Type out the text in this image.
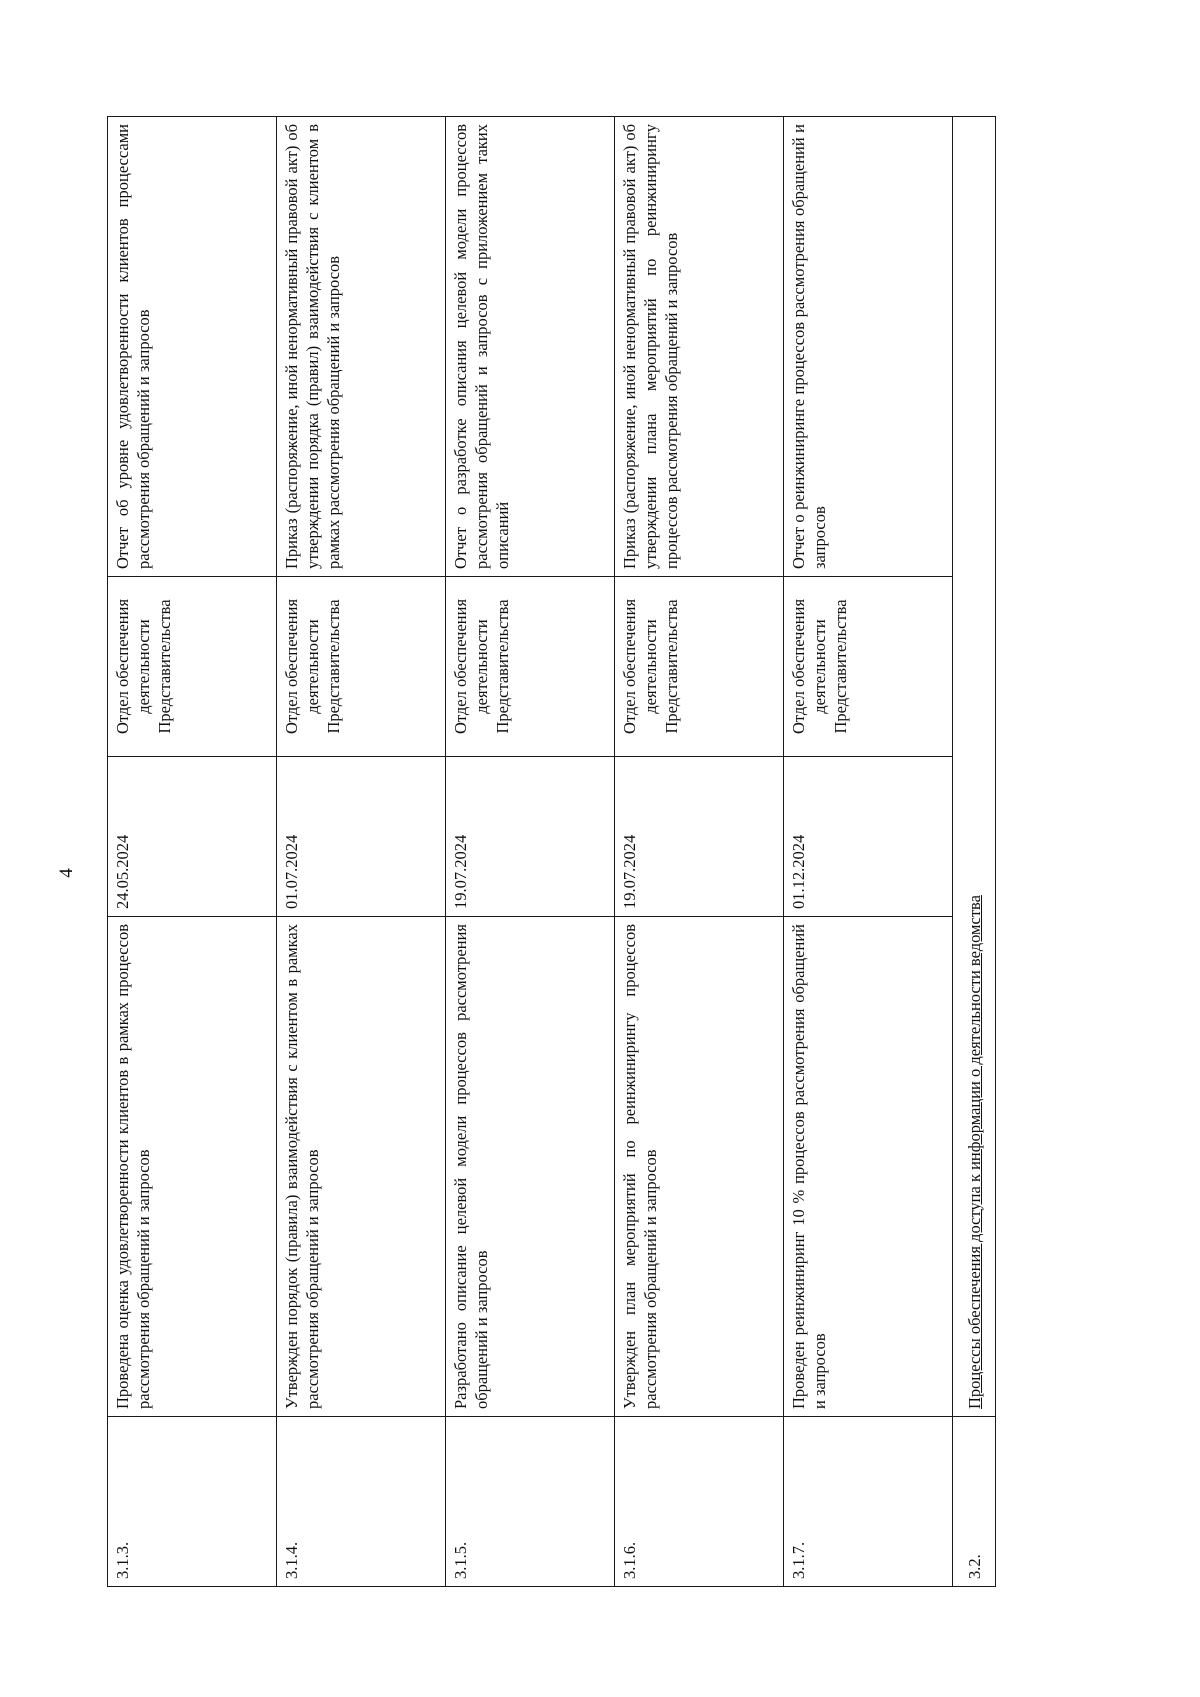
4
3.1.3.	Проведена оценка удовлетворенности клиентов в рамках процессов рассмотрения обращений и запросов	24.05.2024	Отдел обеспечения деятельности Представительства	Отчет об уровне удовлетворенности клиентов процессами рассмотрения обращений и запросов
3.1.4.	Утвержден порядок (правила) взаимодействия с клиентом в рамках рассмотрения обращений и запросов	01.07.2024	Отдел обеспечения деятельности Представительства	Приказ (распоряжение, иной ненормативный правовой акт) об утверждении порядка (правил) взаимодействия с клиентом в рамках рассмотрения обращений и запросов
3.1.5.	Разработано описание целевой модели процессов рассмотрения обращений и запросов	19.07.2024	Отдел обеспечения деятельности Представительства	Отчет о разработке описания целевой модели процессов рассмотрения обращений и запросов с приложением таких описаний
3.1.6.	Утвержден план мероприятий по реинжинирингу процессов рассмотрения обращений и запросов	19.07.2024	Отдел обеспечения деятельности Представительства	Приказ (распоряжение, иной ненормативный правовой акт) об утверждении плана мероприятий по реинжинирингу процессов рассмотрения обращений и запросов
3.1.7.	Проведен реинжиниринг 10 % процессов рассмотрения обращений и запросов	01.12.2024	Отдел обеспечения деятельности Представительства	Отчет о реинжиниринге процессов рассмотрения обращений и запросов
3.2.	Процессы обеспечения доступа к информации о деятельности ведомства			
